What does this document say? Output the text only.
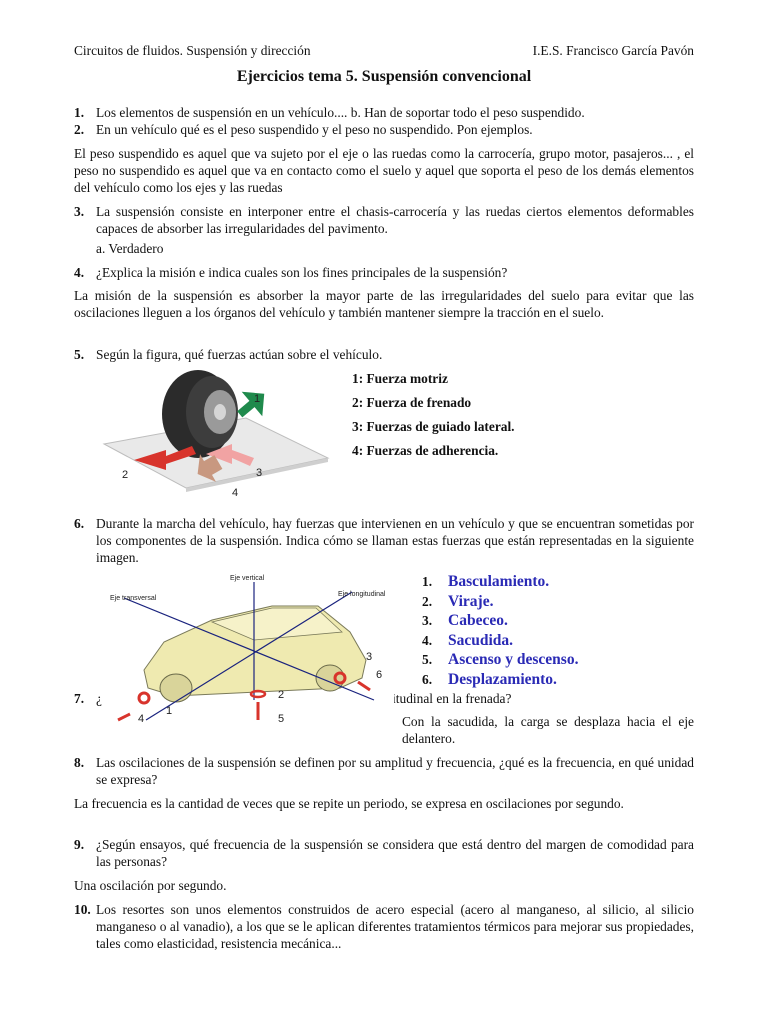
Circuitos de fluidos. Suspensión y dirección	I.E.S. Francisco García Pavón
Ejercicios tema 5. Suspensión convencional
1. Los elementos de suspensión en un vehículo.... b. Han de soportar todo el peso suspendido.
2. En un vehículo qué es el peso suspendido y el peso no suspendido. Pon ejemplos.
El peso suspendido es aquel que va sujeto por el eje o las ruedas como la carrocería, grupo motor, pasajeros... , el peso no suspendido es aquel que va en contacto como el suelo y aquel que soporta el peso de los demás elementos del vehículo como los ejes y las ruedas
3. La suspensión consiste en interponer entre el chasis-carrocería y las ruedas ciertos elementos deformables capaces de absorber las irregularidades del pavimento.
a. Verdadero
4. ¿Explica la misión e indica cuales son los fines principales de la suspensión?
La misión de la suspensión es absorber la mayor parte de las irregularidades del suelo para evitar que las oscilaciones lleguen a los órganos del vehículo y también mantener siempre la tracción en el suelo.
5. Según la figura, qué fuerzas actúan sobre el vehículo.
1
2	3
4
1: Fuerza motriz
2: Fuerza de frenado
3: Fuerzas de guiado lateral.
4: Fuerzas de adherencia.
6. Durante la marcha del vehículo, hay fuerzas que intervienen en un vehículo y que se encuentran sometidas por los componentes de la suspensión. Indica cómo se llaman estas fuerzas que están representadas en la siguiente imagen.
7. ¿	ongitudinal en la frenada?
Eje vertical
Eje transversal
Eje longitudinal
1
2
3
4	5
6
1. Basculamiento.
2. Viraje.
3. Cabeceo.
4. Sacudida.
5. Ascenso y descenso.
6. Desplazamiento.
Con la sacudida, la carga se desplaza hacia el eje delantero.
8. Las oscilaciones de la suspensión se definen por su amplitud y frecuencia, ¿qué es la frecuencia, en qué unidad se expresa?
La frecuencia es la cantidad de veces que se repite un periodo, se expresa en oscilaciones por segundo.
9. ¿Según ensayos, qué frecuencia de la suspensión se considera que está dentro del margen de comodidad para las personas?
Una oscilación por segundo.
10. Los resortes son unos elementos construidos de acero especial (acero al manganeso, al silicio, al silicio manganeso o al vanadio), a los que se le aplican diferentes tratamientos térmicos para mejorar sus propiedades, tales como elasticidad, resistencia mecánica...
